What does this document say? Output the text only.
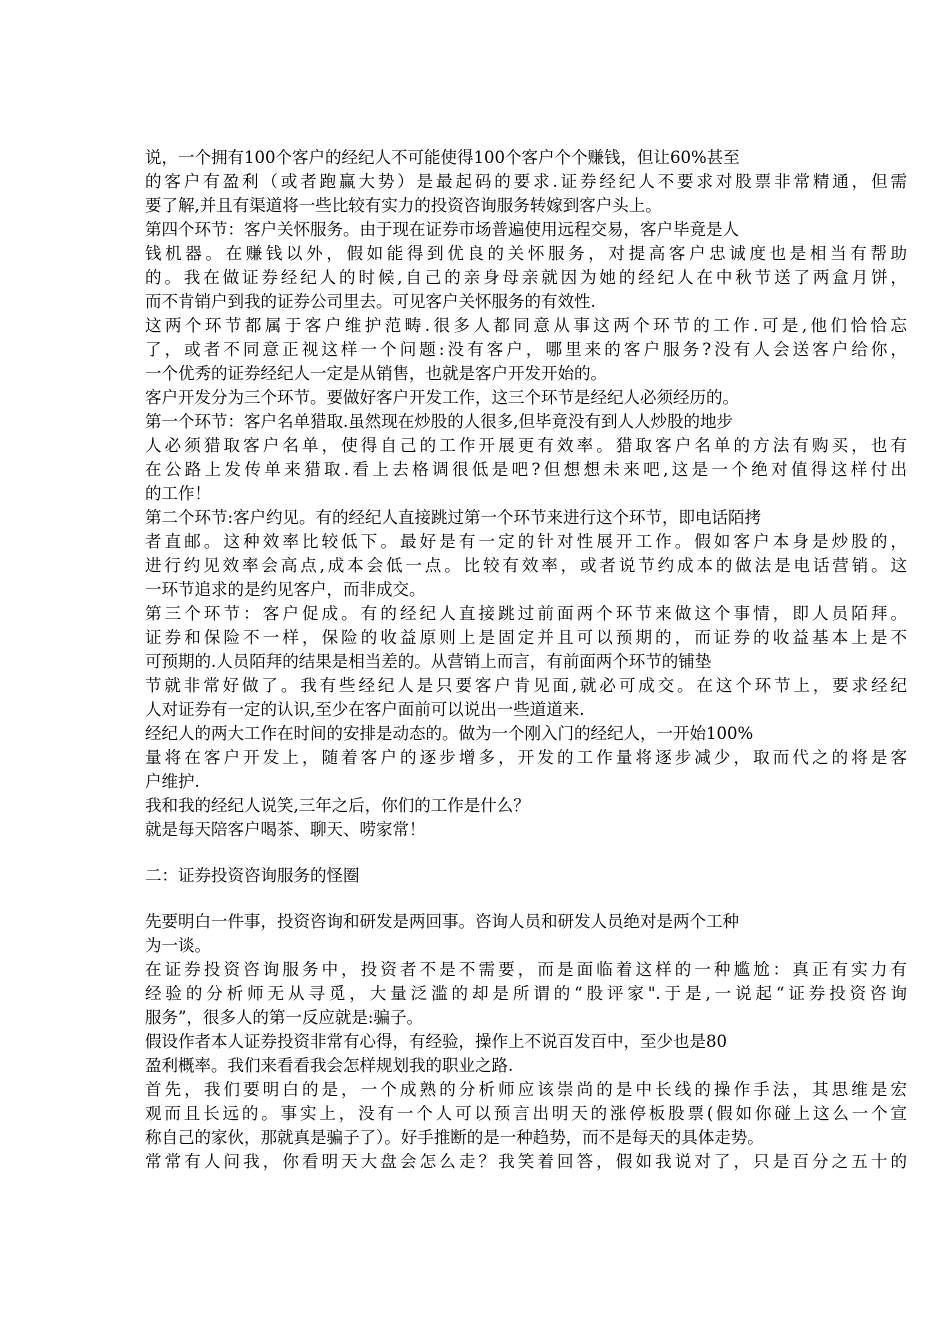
说，一个拥有100个客户的经纪人不可能使得100个客户个个赚钱，但让60%甚至
的客户有盈利（或者跑赢大势）是最起码的要求.证券经纪人不要求对股票非常精通，但需
要了解,并且有渠道将一些比较有实力的投资咨询服务转嫁到客户头上。
第四个环节：客户关怀服务。由于现在证券市场普遍使用远程交易，客户毕竟是人
钱机器。在赚钱以外，假如能得到优良的关怀服务，对提高客户忠诚度也是相当有帮助
的。我在做证券经纪人的时候,自己的亲身母亲就因为她的经纪人在中秋节送了两盒月饼，
而不肯销户到我的证券公司里去。可见客户关怀服务的有效性.
这两个环节都属于客户维护范畴.很多人都同意从事这两个环节的工作.可是,他们恰恰忘
了，或者不同意正视这样一个问题:没有客户，哪里来的客户服务?没有人会送客户给你，
一个优秀的证券经纪人一定是从销售，也就是客户开发开始的。
客户开发分为三个环节。要做好客户开发工作，这三个环节是经纪人必须经历的。
第一个环节：客户名单猎取.虽然现在炒股的人很多,但毕竟没有到人人炒股的地步
人必须猎取客户名单，使得自己的工作开展更有效率。猎取客户名单的方法有购买，也有
在公路上发传单来猎取.看上去格调很低是吧?但想想未来吧,这是一个绝对值得这样付出
的工作！
第二个环节:客户约见。有的经纪人直接跳过第一个环节来进行这个环节，即电话陌拷
者直邮。这种效率比较低下。最好是有一定的针对性展开工作。假如客户本身是炒股的，
进行约见效率会高点,成本会低一点。比较有效率，或者说节约成本的做法是电话营销。这
一环节追求的是约见客户，而非成交。
第三个环节：客户促成。有的经纪人直接跳过前面两个环节来做这个事情，即人员陌拜。
证券和保险不一样，保险的收益原则上是固定并且可以预期的，而证券的收益基本上是不
可预期的.人员陌拜的结果是相当差的。从营销上而言，有前面两个环节的铺垫
节就非常好做了。我有些经纪人是只要客户肯见面,就必可成交。在这个环节上，要求经纪
人对证券有一定的认识,至少在客户面前可以说出一些道道来.
经纪人的两大工作在时间的安排是动态的。做为一个刚入门的经纪人，一开始100%
量将在客户开发上，随着客户的逐步增多，开发的工作量将逐步减少，取而代之的将是客
户维护.
我和我的经纪人说笑,三年之后，你们的工作是什么？
就是每天陪客户喝茶、聊天、唠家常！
二：证券投资咨询服务的怪圈
先要明白一件事，投资咨询和研发是两回事。咨询人员和研发人员绝对是两个工种
为一谈。
在证券投资咨询服务中，投资者不是不需要，而是面临着这样的一种尴尬：真正有实力有
经验的分析师无从寻觅，大量泛滥的却是所谓的“股评家".于是,一说起“证券投资咨询
服务”，很多人的第一反应就是:骗子。
假设作者本人证券投资非常有心得，有经验，操作上不说百发百中，至少也是80
盈利概率。我们来看看我会怎样规划我的职业之路.
首先，我们要明白的是，一个成熟的分析师应该崇尚的是中长线的操作手法，其思维是宏
观而且长远的。事实上，没有一个人可以预言出明天的涨停板股票(假如你碰上这么一个宣
称自己的家伙，那就真是骗子了）。好手推断的是一种趋势，而不是每天的具体走势。
常常有人问我，你看明天大盘会怎么走？我笑着回答，假如我说对了，只是百分之五十的
